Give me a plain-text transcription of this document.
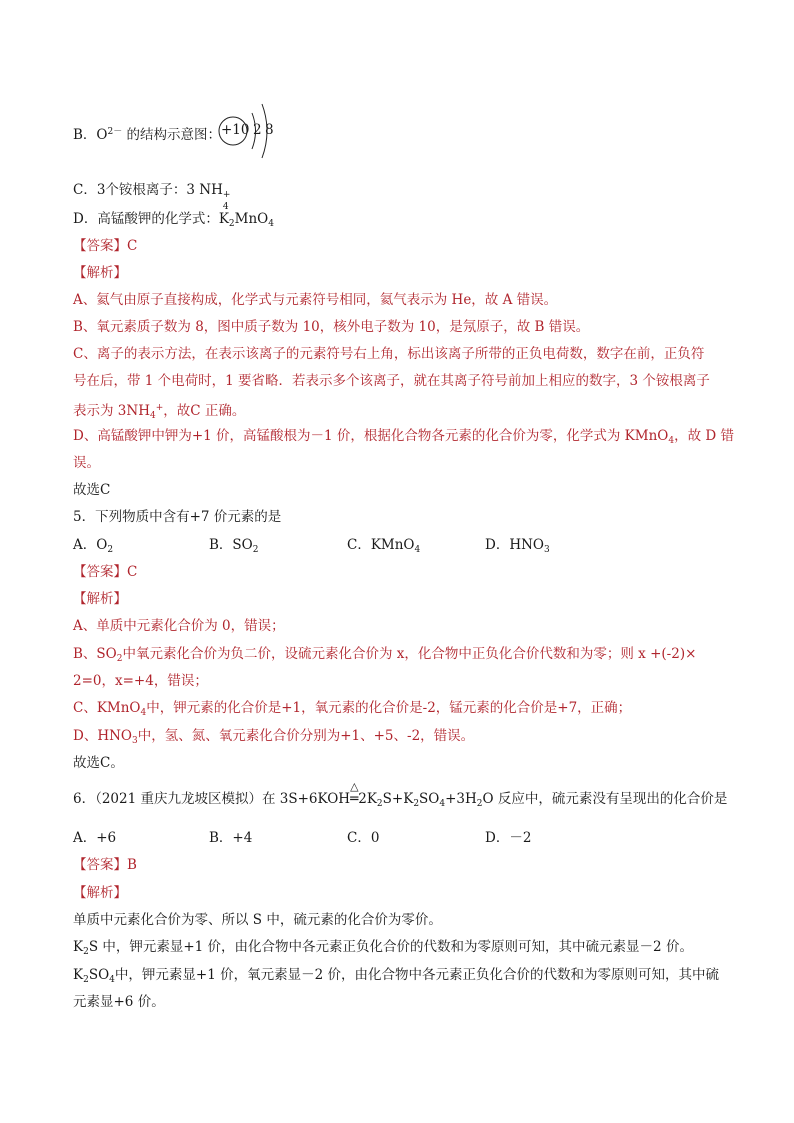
B．$O^{2-}$ 的结构示意图： +10 2 8
C．3个铵根离子：3 NH +
4
D．高锰酸钾的化学式：$K_2MnO_4$
【答案】C
【解析】
A、氦气由原子直接构成，化学式与元素符号相同，氦气表示为 He，故 A 错误。
B、氧元素质子数为 8，图中质子数为 10，核外电子数为 10，是氖原子，故 B 错误。
C、离子的表示方法，在表示该离子的元素符号右上角，标出该离子所带的正负电荷数，数字在前，正负符
号在后，带 1 个电荷时，1 要省略．若表示多个该离子，就在其离子符号前加上相应的数字，3 个铵根离子
表示为 $3NH_4^+$，故C 正确。
D、高锰酸钾中钾为+1 价，高锰酸根为－1 价，根据化合物各元素的化合价为零，化学式为 KMnO$_4$，故 D 错
误。
故选C
5．下列物质中含有+7 价元素的是
A．$O_2$	B．$SO_2$	C．KMnO$_4$	D．$HNO_3$
【答案】C
【解析】
A、单质中元素化合价为 0，错误；
B、$SO_2$中氧元素化合价为负二价，设硫元素化合价为 x，化合物中正负化合价代数和为零；则 x +(-2)×
2=0，x=+4，错误；
C、KMnO$_4$中，钾元素的化合价是+1，氧元素的化合价是-2，锰元素的化合价是+7，正确；
D、$HNO_3$中，氢、氮、氧元素化合价分别为+1、+5、-2，错误。
故选C。
6．（2021 重庆九龙坡区模拟）在 3S+6KOH
△
$═2K_2S+K_2SO_4+3H_2O$ 反应中，硫元素没有呈现出的化合价是
A．+6	B．+4	C．0	D．－2
【答案】B
【解析】
单质中元素化合价为零、所以 S 中，硫元素的化合价为零价。
$K_2S$ 中，钾元素显+1 价，由化合物中各元素正负化合价的代数和为零原则可知，其中硫元素显－2 价。
$K_2SO_4$中，钾元素显+1 价，氧元素显－2 价，由化合物中各元素正负化合价的代数和为零原则可知，其中硫
元素显+6 价。
